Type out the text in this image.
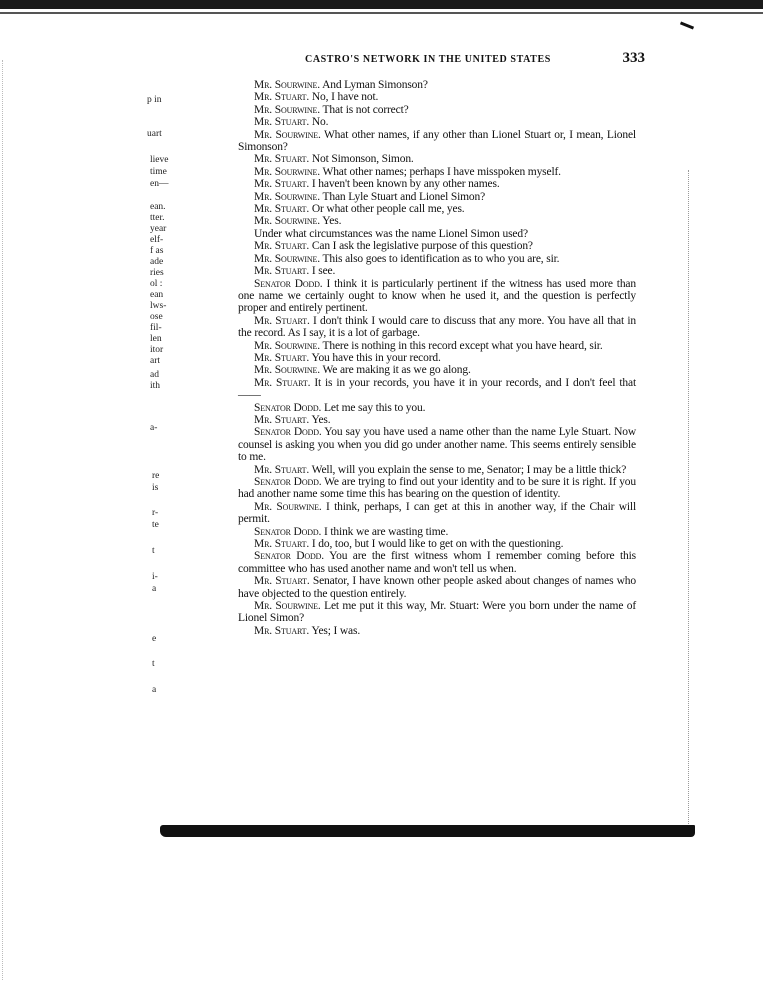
CASTRO'S NETWORK IN THE UNITED STATES	333
p in
uart
lieve
time
en—
ean.
tter.
year
elf-
f as
ade
ries
ol :
ean
lws-
ose
fil-
len
itor
art
ad
ith
a-
re
is
r-
te
t
i-
a
e
t
a

Mr. Sourwine. And Lyman Simonson?

Mr. Stuart. No, I have not.

Mr. Sourwine. That is not correct?

Mr. Stuart. No.

Mr. Sourwine. What other names, if any other than Lionel Stuart or, I mean, Lionel Simonson?

Mr. Stuart. Not Simonson, Simon.

Mr. Sourwine. What other names; perhaps I have misspoken myself.

Mr. Stuart. I haven't been known by any other names.

Mr. Sourwine. Than Lyle Stuart and Lionel Simon?

Mr. Stuart. Or what other people call me, yes.

Mr. Sourwine. Yes.

Under what circumstances was the name Lionel Simon used?

Mr. Stuart. Can I ask the legislative purpose of this question?

Mr. Sourwine. This also goes to identification as to who you are, sir.

Mr. Stuart. I see.

Senator Dodd. I think it is particularly pertinent if the witness has used more than one name we certainly ought to know when he used it, and the question is perfectly proper and entirely pertinent.

Mr. Stuart. I don't think I would care to discuss that any more. You have all that in the record. As I say, it is a lot of garbage.

Mr. Sourwine. There is nothing in this record except what you have heard, sir.

Mr. Stuart. You have this in your record.

Mr. Sourwine. We are making it as we go along.

Mr. Stuart. It is in your records, you have it in your records, and I don't feel that——

Senator Dodd. Let me say this to you.

Mr. Stuart. Yes.

Senator Dodd. You say you have used a name other than the name Lyle Stuart. Now counsel is asking you when you did go under another name. This seems entirely sensible to me.

Mr. Stuart. Well, will you explain the sense to me, Senator; I may be a little thick?

Senator Dodd. We are trying to find out your identity and to be sure it is right. If you had another name some time this has bearing on the question of identity.

Mr. Sourwine. I think, perhaps, I can get at this in another way, if the Chair will permit.

Senator Dodd. I think we are wasting time.

Mr. Stuart. I do, too, but I would like to get on with the questioning.

Senator Dodd. You are the first witness whom I remember coming before this committee who has used another name and won't tell us when.

Mr. Stuart. Senator, I have known other people asked about changes of names who have objected to the question entirely.

Mr. Sourwine. Let me put it this way, Mr. Stuart: Were you born under the name of Lionel Simon?

Mr. Stuart. Yes; I was.
